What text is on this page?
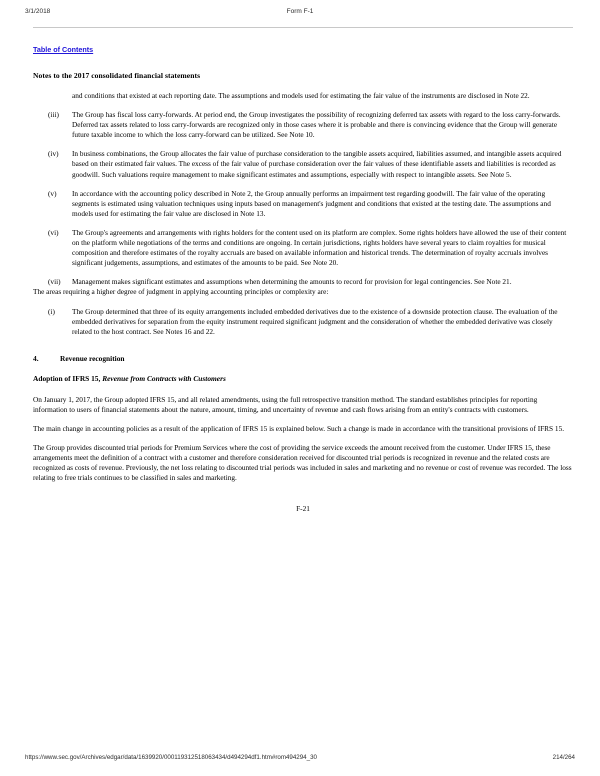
3/1/2018	Form F-1
Table of Contents
Notes to the 2017 consolidated financial statements

and conditions that existed at each reporting date. The assumptions and models used for estimating the fair value of the instruments are disclosed in Note 22.

(iii)	The Group has fiscal loss carry-forwards. At period end, the Group investigates the possibility of recognizing deferred tax assets with regard to the loss carry-forwards. Deferred tax assets related to loss carry-forwards are recognized only in those cases where it is probable and there is convincing evidence that the Group will generate future taxable income to which the loss carry-forward can be utilized. See Note 10.
(iv)	In business combinations, the Group allocates the fair value of purchase consideration to the tangible assets acquired, liabilities assumed, and intangible assets acquired based on their estimated fair values. The excess of the fair value of purchase consideration over the fair values of these identifiable assets and liabilities is recorded as goodwill. Such valuations require management to make significant estimates and assumptions, especially with respect to intangible assets. See Note 5.
(v)	In accordance with the accounting policy described in Note 2, the Group annually performs an impairment test regarding goodwill. The fair value of the operating segments is estimated using valuation techniques using inputs based on management's judgment and conditions that existed at the testing date. The assumptions and models used for estimating the fair value are disclosed in Note 13.
(vi)	The Group's agreements and arrangements with rights holders for the content used on its platform are complex. Some rights holders have allowed the use of their content on the platform while negotiations of the terms and conditions are ongoing. In certain jurisdictions, rights holders have several years to claim royalties for musical composition and therefore estimates of the royalty accruals are based on available information and historical trends. The determination of royalty accruals involves significant judgements, assumptions, and estimates of the amounts to be paid. See Note 20.
(vii)	Management makes significant estimates and assumptions when determining the amounts to record for provision for legal contingencies. See Note 21.

The areas requiring a higher degree of judgment in applying accounting principles or complexity are:

(i)	The Group determined that three of its equity arrangements included embedded derivatives due to the existence of a downside protection clause. The evaluation of the embedded derivatives for separation from the equity instrument required significant judgment and the consideration of whether the embedded derivative was closely related to the host contract. See Notes 16 and 22.
4.	Revenue recognition
Adoption of IFRS 15, Revenue from Contracts with Customers

On January 1, 2017, the Group adopted IFRS 15, and all related amendments, using the full retrospective transition method. The standard establishes principles for reporting information to users of financial statements about the nature, amount, timing, and uncertainty of revenue and cash flows arising from an entity's contracts with customers.

The main change in accounting policies as a result of the application of IFRS 15 is explained below. Such a change is made in accordance with the transitional provisions of IFRS 15.

The Group provides discounted trial periods for Premium Services where the cost of providing the service exceeds the amount received from the customer. Under IFRS 15, these arrangements meet the definition of a contract with a customer and therefore consideration received for discounted trial periods is recognized in revenue and the related costs are recognized as costs of revenue. Previously, the net loss relating to discounted trial periods was included in sales and marketing and no revenue or cost of revenue was recorded. The loss relating to free trials continues to be classified in sales and marketing.

F-21
https://www.sec.gov/Archives/edgar/data/1639920/000119312518063434/d494294df1.htm#rom494294_30	214/264
